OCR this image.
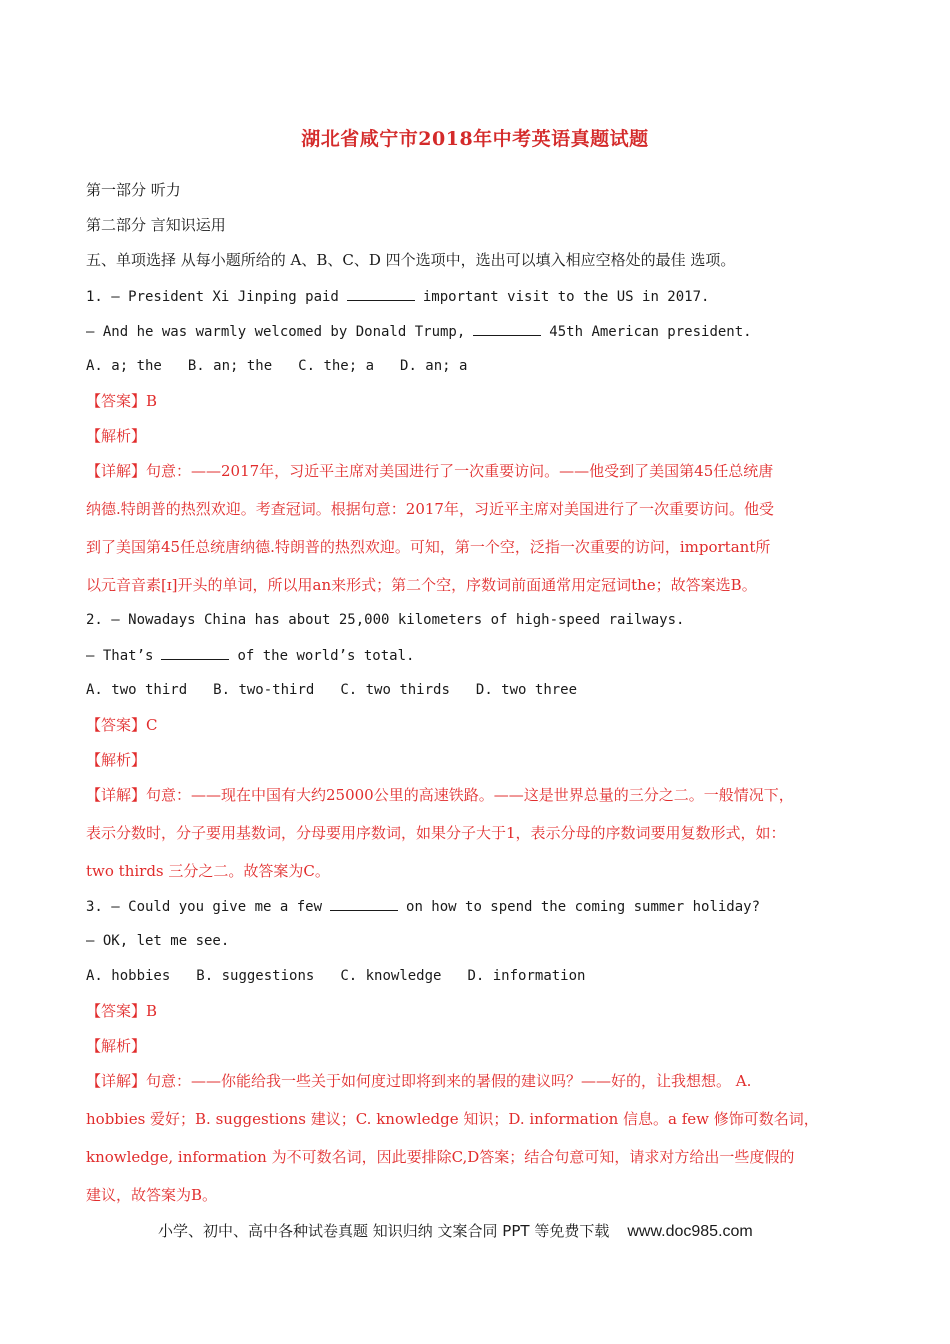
湖北省咸宁市2018年中考英语真题试题
第一部分 听力
第二部分 言知识运用
五、单项选择 从每小题所给的 A、B、C、D 四个选项中，选出可以填入相应空格处的最佳 选项。
1. — President Xi Jinping paid	important visit to the US in 2017.
— And he was warmly welcomed by Donald Trump,	45th American president.
A. a; the B. an; the C. the; a D. an; a
【答案】B
【解析】
【详解】句意：——2017年，习近平主席对美国进行了一次重要访问。——他受到了美国第45任总统唐
纳德.特朗普的热烈欢迎。考查冠词。根据句意：2017年，习近平主席对美国进行了一次重要访问。他受
到了美国第45任总统唐纳德.特朗普的热烈欢迎。可知，第一个空，泛指一次重要的访问，important所
以元音音素[ɪ]开头的单词，所以用an来形式；第二个空，序数词前面通常用定冠词the；故答案选B。
2. — Nowadays China has about 25,000 kilometers of high-speed railways.
— That’s	of the world’s total.
A. two third B. two-third C. two thirds D. two three
【答案】C
【解析】
【详解】句意：——现在中国有大约25000公里的高速铁路。——这是世界总量的三分之二。一般情况下，
表示分数时，分子要用基数词，分母要用序数词，如果分子大于1，表示分母的序数词要用复数形式，如：
two thirds 三分之二。故答案为C。
3. — Could you give me a few	on how to spend the coming summer holiday?
— OK, let me see.
A. hobbies B. suggestions C. knowledge D. information
【答案】B
【解析】
【详解】句意：——你能给我一些关于如何度过即将到来的暑假的建议吗？——好的，让我想想。 A.
hobbies 爱好；B. suggestions 建议；C. knowledge 知识；D. information 信息。a few 修饰可数名词，
knowledge, information 为不可数名词，因此要排除C,D答案；结合句意可知，请求对方给出一些度假的
建议，故答案为B。
小学、初中、高中各种试卷真题 知识归纳 文案合同 PPT 等免费下载 www.doc985.com
